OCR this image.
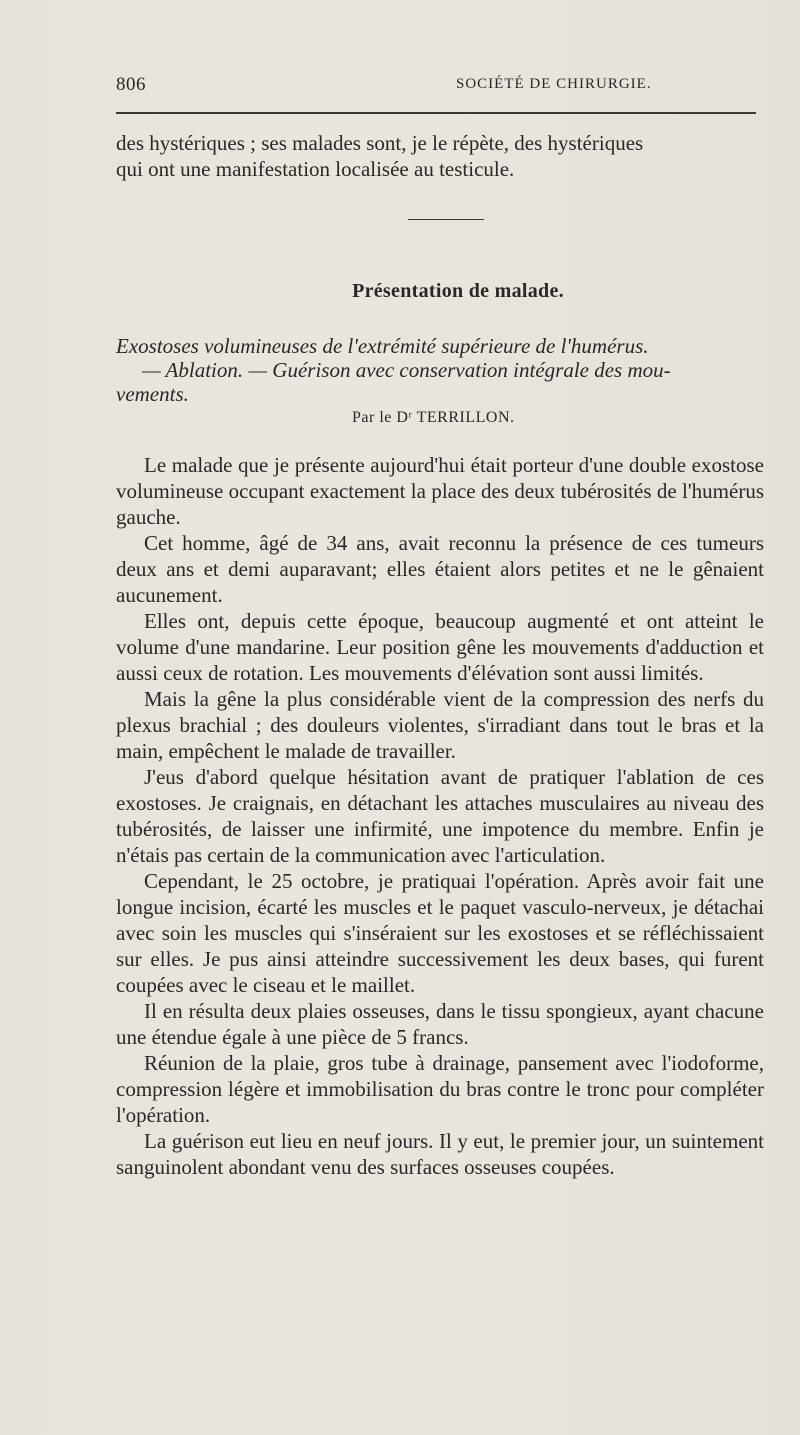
806	SOCIÉTÉ DE CHIRURGIE.

des hystériques ; ses malades sont, je le répète, des hystériques

qui ont une manifestation localisée au testicule.

Présentation de malade.
Exostoses volumineuses de l'extrémité supérieure de l'humérus.
— Ablation. — Guérison avec conservation intégrale des mou-
vements.
Par le Dʳ TERRILLON.

Le malade que je présente aujourd'hui était porteur d'une double exostose volumineuse occupant exactement la place des deux tubérosités de l'humérus gauche.

Cet homme, âgé de 34 ans, avait reconnu la présence de ces tumeurs deux ans et demi auparavant; elles étaient alors petites et ne le gênaient aucunement.

Elles ont, depuis cette époque, beaucoup augmenté et ont atteint le volume d'une mandarine. Leur position gêne les mouvements d'adduction et aussi ceux de rotation. Les mouvements d'élévation sont aussi limités.

Mais la gêne la plus considérable vient de la compression des nerfs du plexus brachial ; des douleurs violentes, s'irradiant dans tout le bras et la main, empêchent le malade de travailler.

J'eus d'abord quelque hésitation avant de pratiquer l'ablation de ces exostoses. Je craignais, en détachant les attaches musculaires au niveau des tubérosités, de laisser une infirmité, une impotence du membre. Enfin je n'étais pas certain de la communication avec l'articulation.

Cependant, le 25 octobre, je pratiquai l'opération. Après avoir fait une longue incision, écarté les muscles et le paquet vasculo-nerveux, je détachai avec soin les muscles qui s'inséraient sur les exostoses et se réfléchissaient sur elles. Je pus ainsi atteindre successivement les deux bases, qui furent coupées avec le ciseau et le maillet.

Il en résulta deux plaies osseuses, dans le tissu spongieux, ayant chacune une étendue égale à une pièce de 5 francs.

Réunion de la plaie, gros tube à drainage, pansement avec l'iodoforme, compression légère et immobilisation du bras contre le tronc pour compléter l'opération.

La guérison eut lieu en neuf jours. Il y eut, le premier jour, un suintement sanguinolent abondant venu des surfaces osseuses coupées.
